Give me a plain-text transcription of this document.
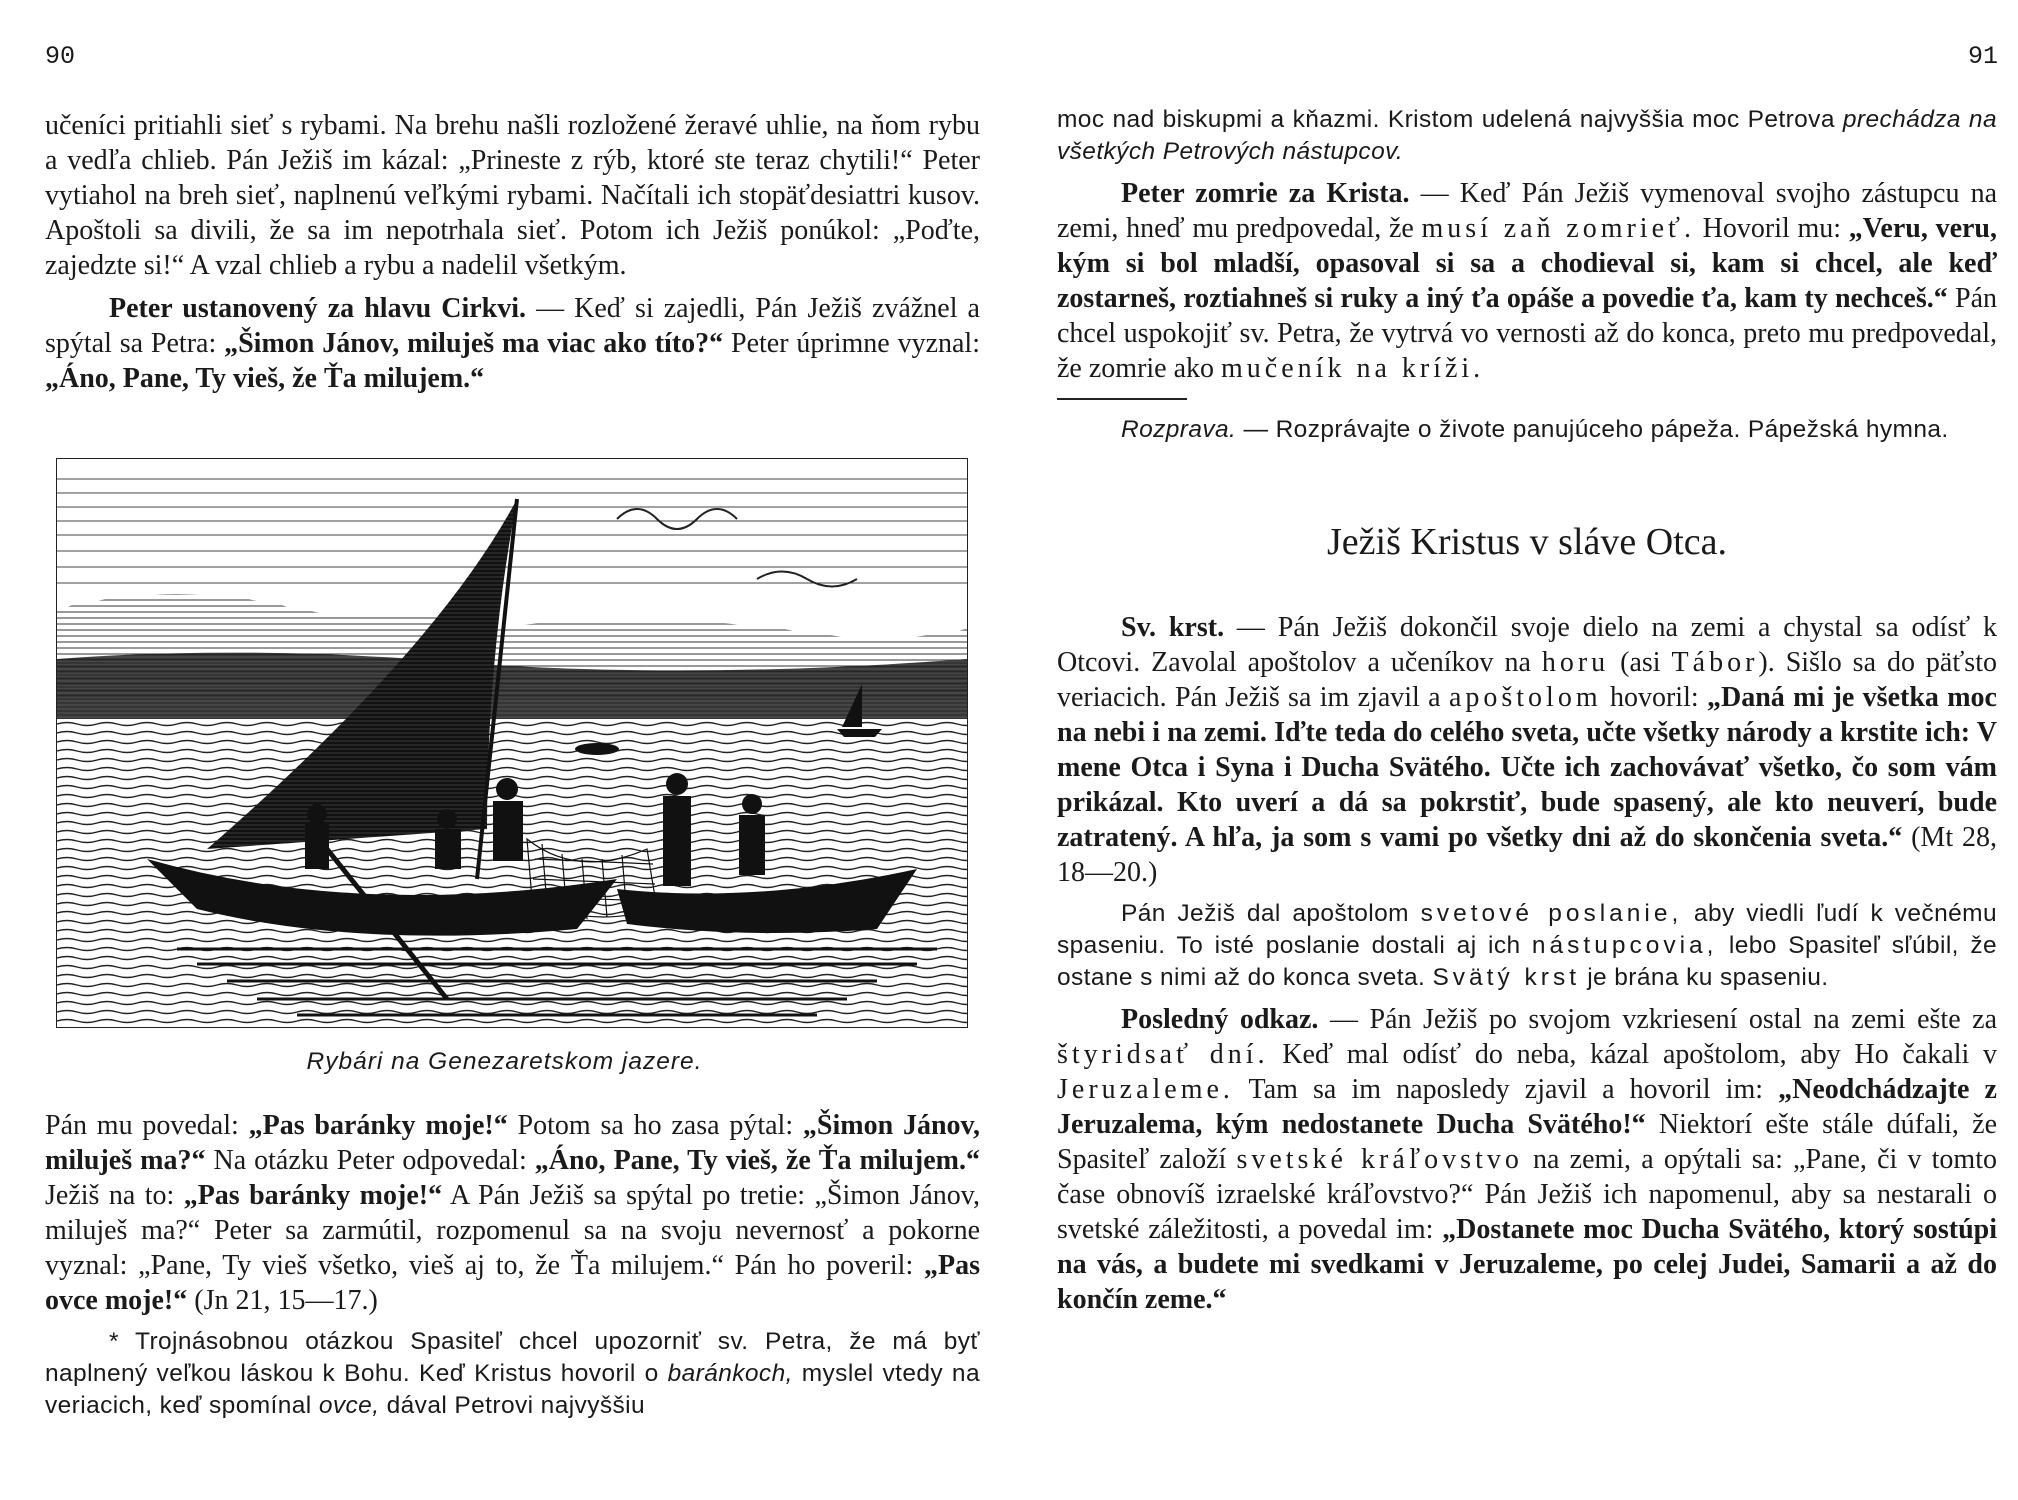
90

učeníci pritiahli sieť s rybami. Na brehu našli rozložené žeravé uhlie, na ňom rybu a vedľa chlieb. Pán Ježiš im kázal: „Prineste z rýb, ktoré ste teraz chytili!“ Peter vytiahol na breh sieť, naplnenú veľkými rybami. Načítali ich stopäťdesiattri kusov. Apoštoli sa divili, že sa im nepotrhala sieť. Potom ich Ježiš ponúkol: „Poďte, zajedzte si!“ A vzal chlieb a rybu a nadelil všetkým.

Peter ustanovený za hlavu Cirkvi. — Keď si zajedli, Pán Ježiš zvážnel a spýtal sa Petra: „Šimon Jánov, miluješ ma viac ako títo?“ Peter úprimne vyznal: „Áno, Pane, Ty vieš, že Ťa milujem.“

Rybári na Genezaretskom jazere.

Pán mu povedal: „Pas baránky moje!“ Potom sa ho zasa pýtal: „Šimon Jánov, miluješ ma?“ Na otázku Peter odpovedal: „Áno, Pane, Ty vieš, že Ťa milujem.“ Ježiš na to: „Pas baránky moje!“ A Pán Ježiš sa spýtal po tretie: „Šimon Jánov, miluješ ma?“ Peter sa zarmútil, rozpomenul sa na svoju nevernosť a pokorne vyznal: „Pane, Ty vieš všetko, vieš aj to, že Ťa milujem.“ Pán ho poveril: „Pas ovce moje!“ (Jn 21, 15—17.)

* Trojnásobnou otázkou Spasiteľ chcel upozorniť sv. Petra, že má byť naplnený veľkou láskou k Bohu. Keď Kristus hovoril o baránkoch, myslel vtedy na veriacich, keď spomínal ovce, dával Petrovi najvyššiu

91

moc nad biskupmi a kňazmi. Kristom udelená najvyššia moc Petrova prechádza na všetkých Petrových nástupcov.

Peter zomrie za Krista. — Keď Pán Ježiš vymenoval svojho zástupcu na zemi, hneď mu predpovedal, že musí zaň zomrieť. Hovoril mu: „Veru, veru, kým si bol mladší, opasoval si sa a chodieval si, kam si chcel, ale keď zostarneš, roztiahneš si ruky a iný ťa opáše a povedie ťa, kam ty nechceš.“ Pán chcel uspokojiť sv. Petra, že vytrvá vo vernosti až do konca, preto mu predpovedal, že zomrie ako mučeník na kríži.

Rozprava. — Rozprávajte o živote panujúceho pápeža. Pápežská hymna.

Ježiš Kristus v sláve Otca.

Sv. krst. — Pán Ježiš dokončil svoje dielo na zemi a chystal sa odísť k Otcovi. Zavolal apoštolov a učeníkov na horu (asi Tábor). Sišlo sa do päťsto veriacich. Pán Ježiš sa im zjavil a apoštolom hovoril: „Daná mi je všetka moc na nebi i na zemi. Iďte teda do celého sveta, učte všetky národy a krstite ich: V mene Otca i Syna i Ducha Svätého. Učte ich zachovávať všetko, čo som vám prikázal. Kto uverí a dá sa pokrstiť, bude spasený, ale kto neuverí, bude zatratený. A hľa, ja som s vami po všetky dni až do skončenia sveta.“ (Mt 28, 18—20.)

Pán Ježiš dal apoštolom svetové poslanie, aby viedli ľudí k večnému spaseniu. To isté poslanie dostali aj ich nástupcovia, lebo Spasiteľ sľúbil, že ostane s nimi až do konca sveta. Svätý krst je brána ku spaseniu.

Posledný odkaz. — Pán Ježiš po svojom vzkriesení ostal na zemi ešte za štyridsať dní. Keď mal odísť do neba, kázal apoštolom, aby Ho čakali v Jeruzaleme. Tam sa im naposledy zjavil a hovoril im: „Neodchádzajte z Jeruzalema, kým nedostanete Ducha Svätého!“ Niektorí ešte stále dúfali, že Spasiteľ založí svetské kráľovstvo na zemi, a opýtali sa: „Pane, či v tomto čase obnovíš izraelské kráľovstvo?“ Pán Ježiš ich napomenul, aby sa nestarali o svetské záležitosti, a povedal im: „Dostanete moc Ducha Svätého, ktorý sostúpi na vás, a budete mi svedkami v Jeruzaleme, po celej Judei, Samarii a až do končín zeme.“
